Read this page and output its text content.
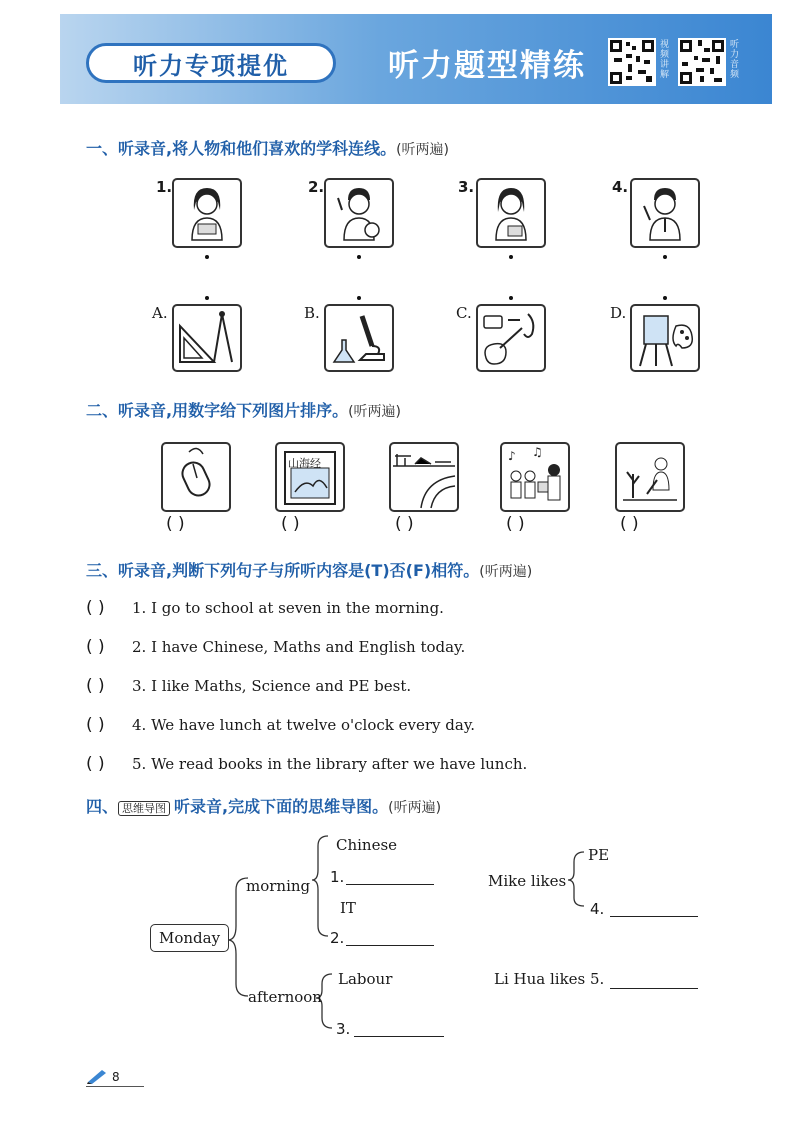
听力专项提优	听力题型精练
视频讲解
听力音频
一、听录音,将人物和他们喜欢的学科连线。(听两遍)
1.	2.	3.	4.
A.	B.	C.	D.
二、听录音,用数字给下列图片排序。(听两遍)
山海经
♪ ♫
( )	( )	( )	( )	( )
三、听录音,判断下列句子与所听内容是(T)否(F)相符。(听两遍)
( ) 1. I go to school at seven in the morning.
( ) 2. I have Chinese, Maths and English today.
( ) 3. I like Maths, Science and PE best.
( ) 4. We have lunch at twelve o'clock every day.
( ) 5. We read books in the library after we have lunch.
四、 思维导图 听录音,完成下面的思维导图。(听两遍)
Monday
morning
afternoon
Chinese
1.
IT
2.
Labour
3.
Mike likes
PE
4.
Li Hua likes 5.
8
